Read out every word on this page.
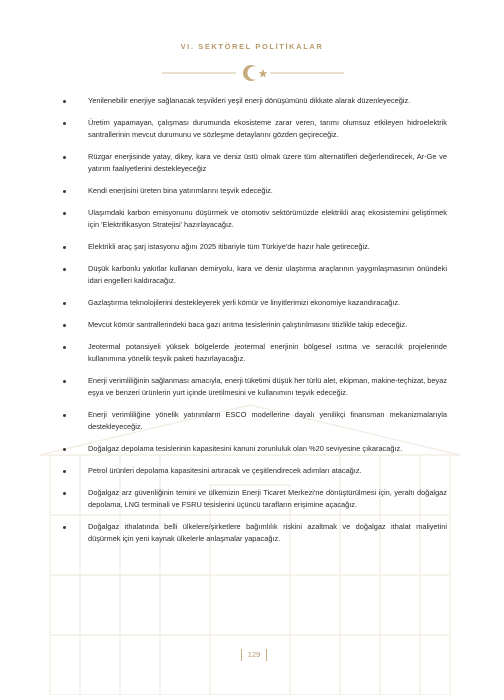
VI. SEKTÖREL POLİTİKALAR
Yenilenebilir enerjiye sağlanacak teşvikleri yeşil enerji dönüşümünü dikkate alarak düzenleyeceğiz.
Üretim yapamayan, çalışması durumunda ekosisteme zarar veren, tarımı olumsuz etkileyen hidroelektrik santrallerinin mevcut durumunu ve sözleşme detaylarını gözden geçireceğiz.
Rüzgar enerjisinde yatay, dikey, kara ve deniz üstü olmak üzere tüm alternatifleri değerlendirecek, Ar-Ge ve yatırım faaliyetlerini destekleyeceğiz
Kendi enerjisini üreten bina yatırımlarını teşvik edeceğiz.
Ulaşımdaki karbon emisyonunu düşürmek ve otomotiv sektörümüzde elektrikli araç ekosistemini geliştirmek için 'Elektrifikasyon Stratejisi' hazırlayacağız.
Elektrikli araç şarj istasyonu ağını 2025 itibariyle tüm Türkiye'de hazır hale getireceğiz.
Düşük karbonlu yakıtlar kullanan demiryolu, kara ve deniz ulaştırma araçlarının yaygınlaşmasının önündeki idari engelleri kaldıracağız.
Gazlaştırma teknolojilerini destekleyerek yerli kömür ve linyitlerimizi ekonomiye kazandıracağız.
Mevcut kömür santrallerindeki baca gazı arıtma tesislerinin çalıştırılmasını titizlikle takip edeceğiz.
Jeotermal potansiyeli yüksek bölgelerde jeotermal enerjinin bölgesel ısıtma ve seracılık projelerinde kullanımına yönelik teşvik paketi hazırlayacağız.
Enerji verimliliğinin sağlanması amacıyla, enerji tüketimi düşük her türlü alet, ekipman, makine-teçhizat, beyaz eşya ve benzeri ürünlerin yurt içinde üretilmesini ve kullanımını teşvik edeceğiz.
Enerji verimliliğine yönelik yatırımların ESCO modellerine dayalı yenilikçi finansman mekanizmalarıyla destekleyeceğiz.
Doğalgaz depolama tesislerinin kapasitesini kanuni zorunluluk olan %20 seviyesine çıkaracağız.
Petrol ürünleri depolama kapasitesini artıracak ve çeşitlendirecek adımları atacağız.
Doğalgaz arz güvenliğinin temini ve ülkemizin Enerji Ticaret Merkezi'ne dönüştürülmesi için, yeraltı doğalgaz depolama, LNG terminali ve FSRU tesislerini üçüncü tarafların erişimine açacağız.
Doğalgaz ithalatında belli ülkelere/şirketlere bağımlılık riskini azaltmak ve doğalgaz ithalat maliyetini düşürmek için yeni kaynak ülkelerle anlaşmalar yapacağız.
129
